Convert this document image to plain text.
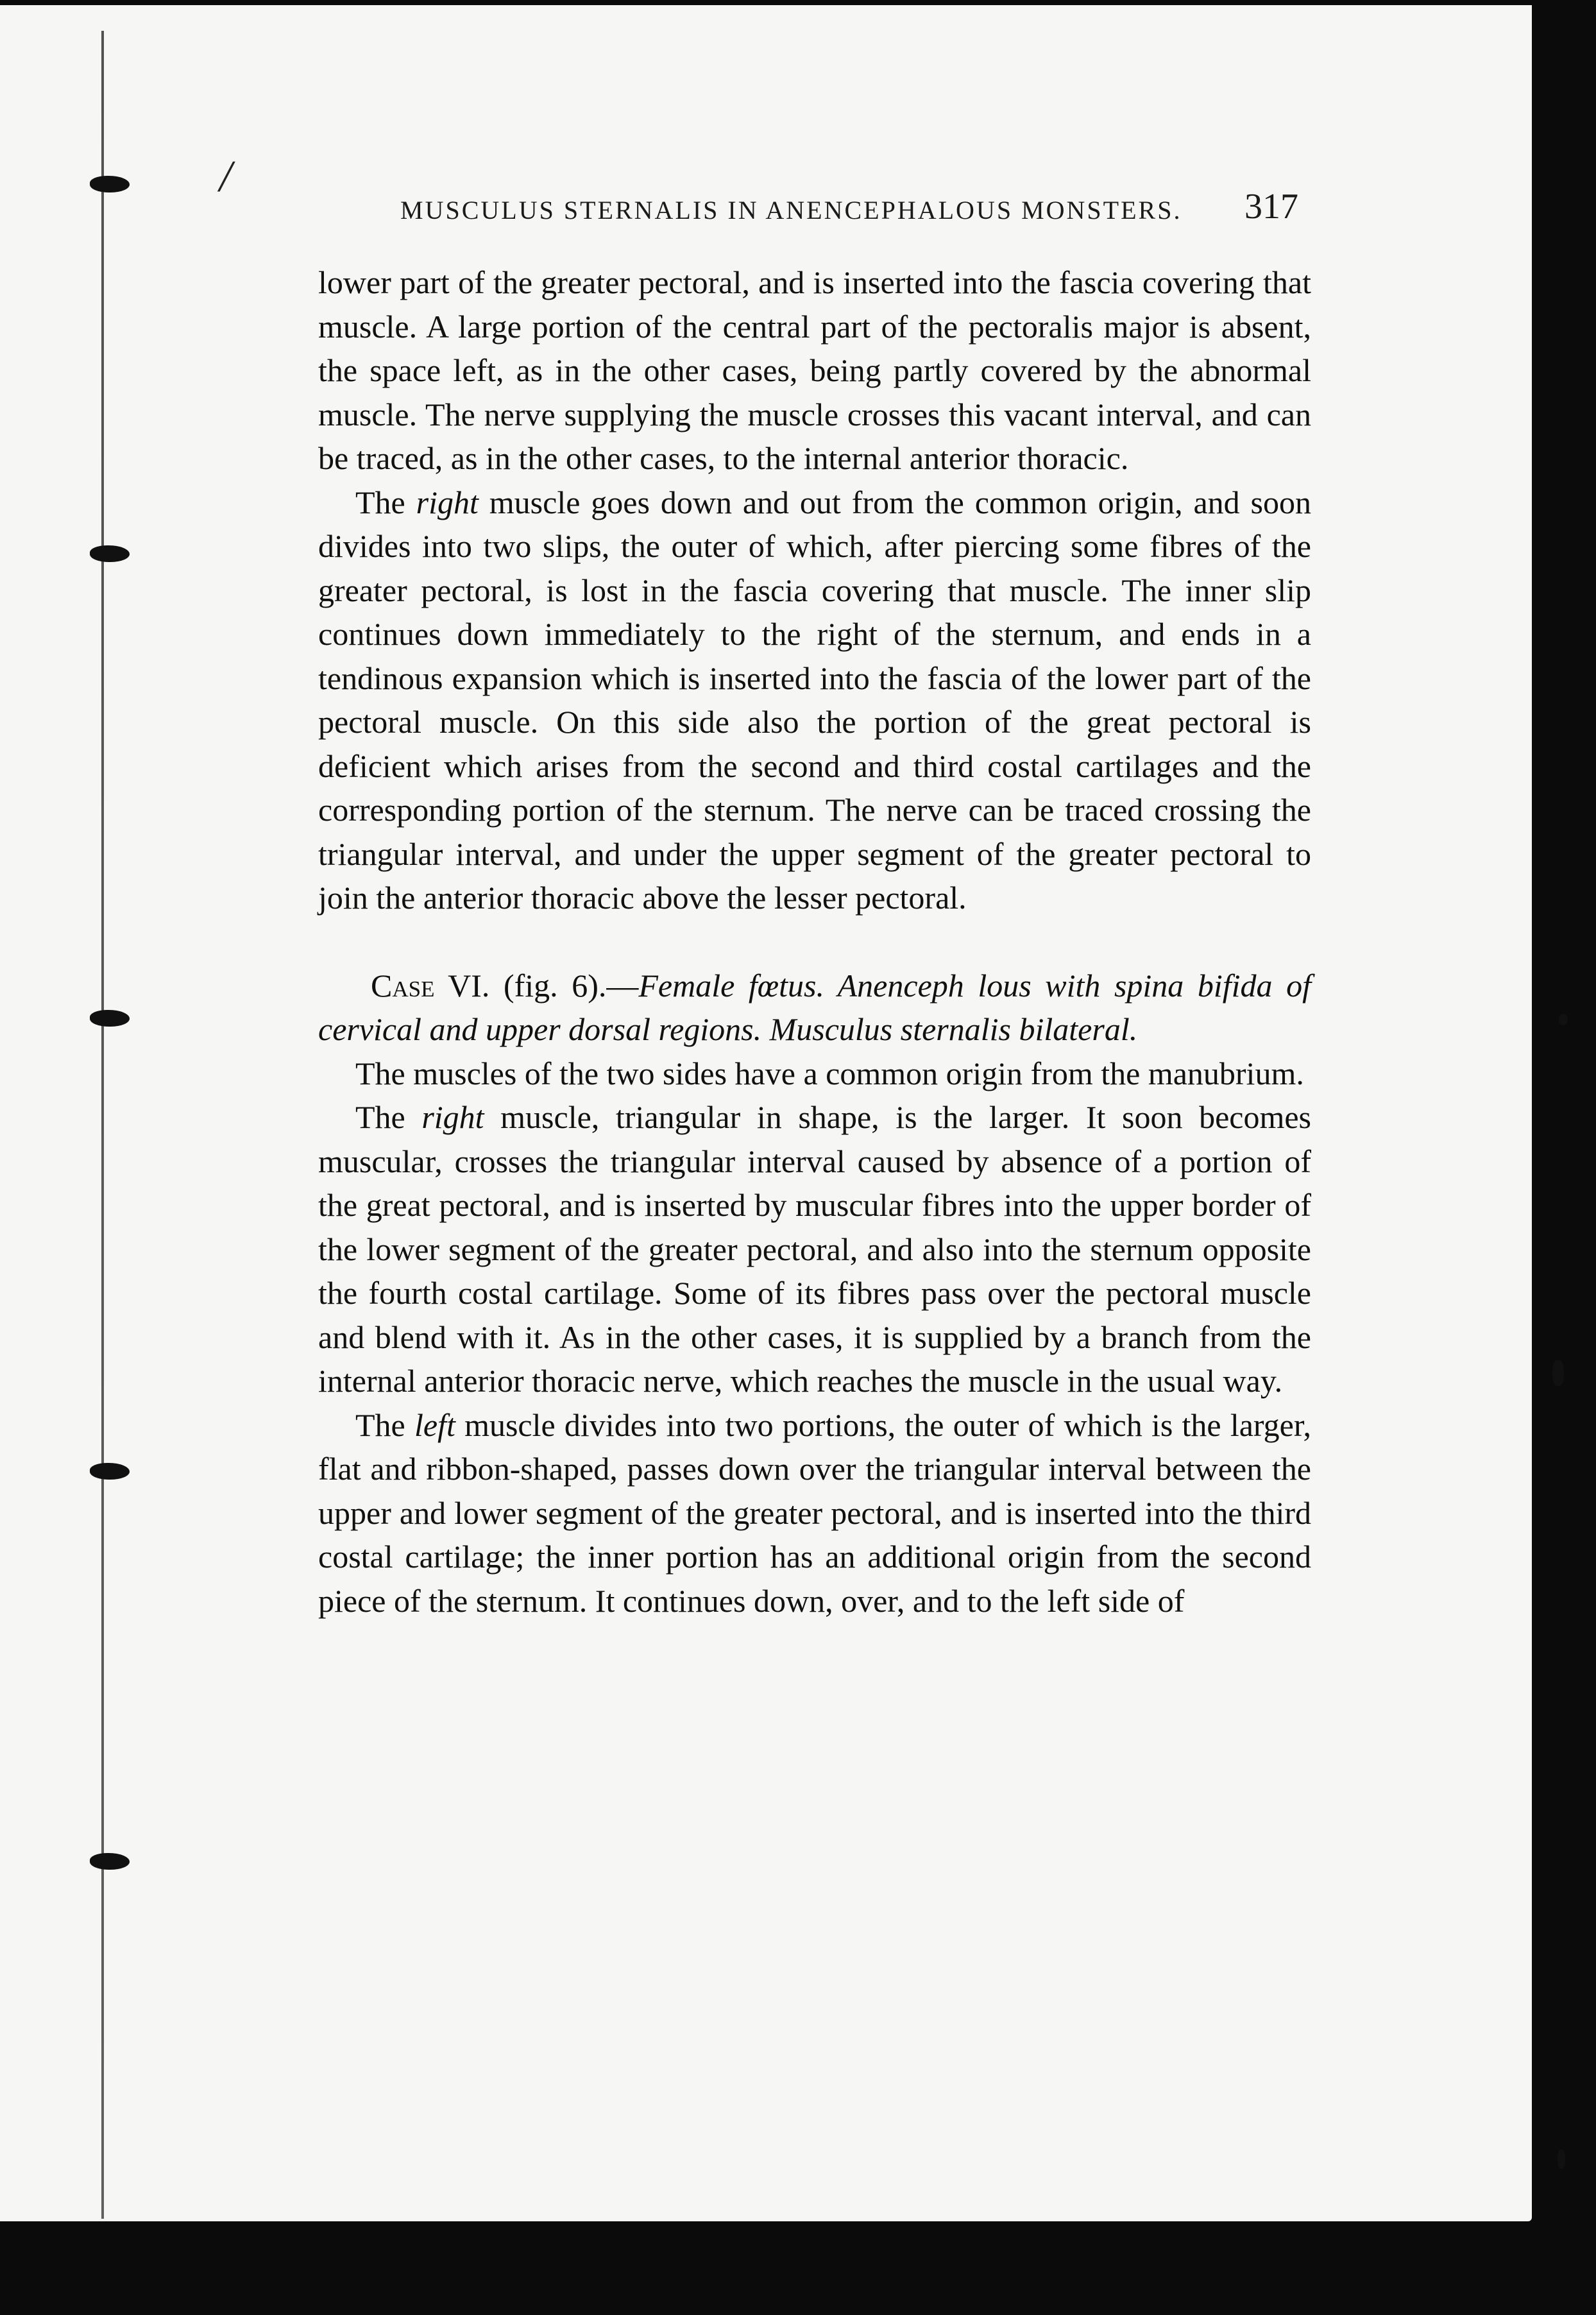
/
MUSCULUS STERNALIS IN ANENCEPHALOUS MONSTERS.	317

lower part of the greater pectoral, and is inserted into the fascia covering that muscle. A large portion of the central part of the pectoralis major is absent, the space left, as in the other cases, being partly covered by the abnormal muscle. The nerve supplying the muscle crosses this vacant interval, and can be traced, as in the other cases, to the internal anterior thoracic.

The right muscle goes down and out from the common origin, and soon divides into two slips, the outer of which, after piercing some fibres of the greater pectoral, is lost in the fascia covering that muscle. The inner slip continues down immediately to the right of the sternum, and ends in a tendinous expansion which is inserted into the fascia of the lower part of the pectoral muscle. On this side also the portion of the great pectoral is deficient which arises from the second and third costal cartilages and the corresponding portion of the sternum. The nerve can be traced crossing the triangular interval, and under the upper segment of the greater pectoral to join the anterior thoracic above the lesser pectoral.

Case VI. (fig. 6).—Female fœtus. Anenceph lous with spina bifida of cervical and upper dorsal regions. Musculus sternalis bilateral.

The muscles of the two sides have a common origin from the manubrium.

The right muscle, triangular in shape, is the larger. It soon becomes muscular, crosses the triangular interval caused by absence of a portion of the great pectoral, and is inserted by muscular fibres into the upper border of the lower segment of the greater pectoral, and also into the sternum opposite the fourth costal cartilage. Some of its fibres pass over the pectoral muscle and blend with it. As in the other cases, it is supplied by a branch from the internal anterior thoracic nerve, which reaches the muscle in the usual way.

The left muscle divides into two portions, the outer of which is the larger, flat and ribbon-shaped, passes down over the triangular interval between the upper and lower segment of the greater pectoral, and is inserted into the third costal cartilage; the inner portion has an additional origin from the second piece of the sternum. It continues down, over, and to the left side of
